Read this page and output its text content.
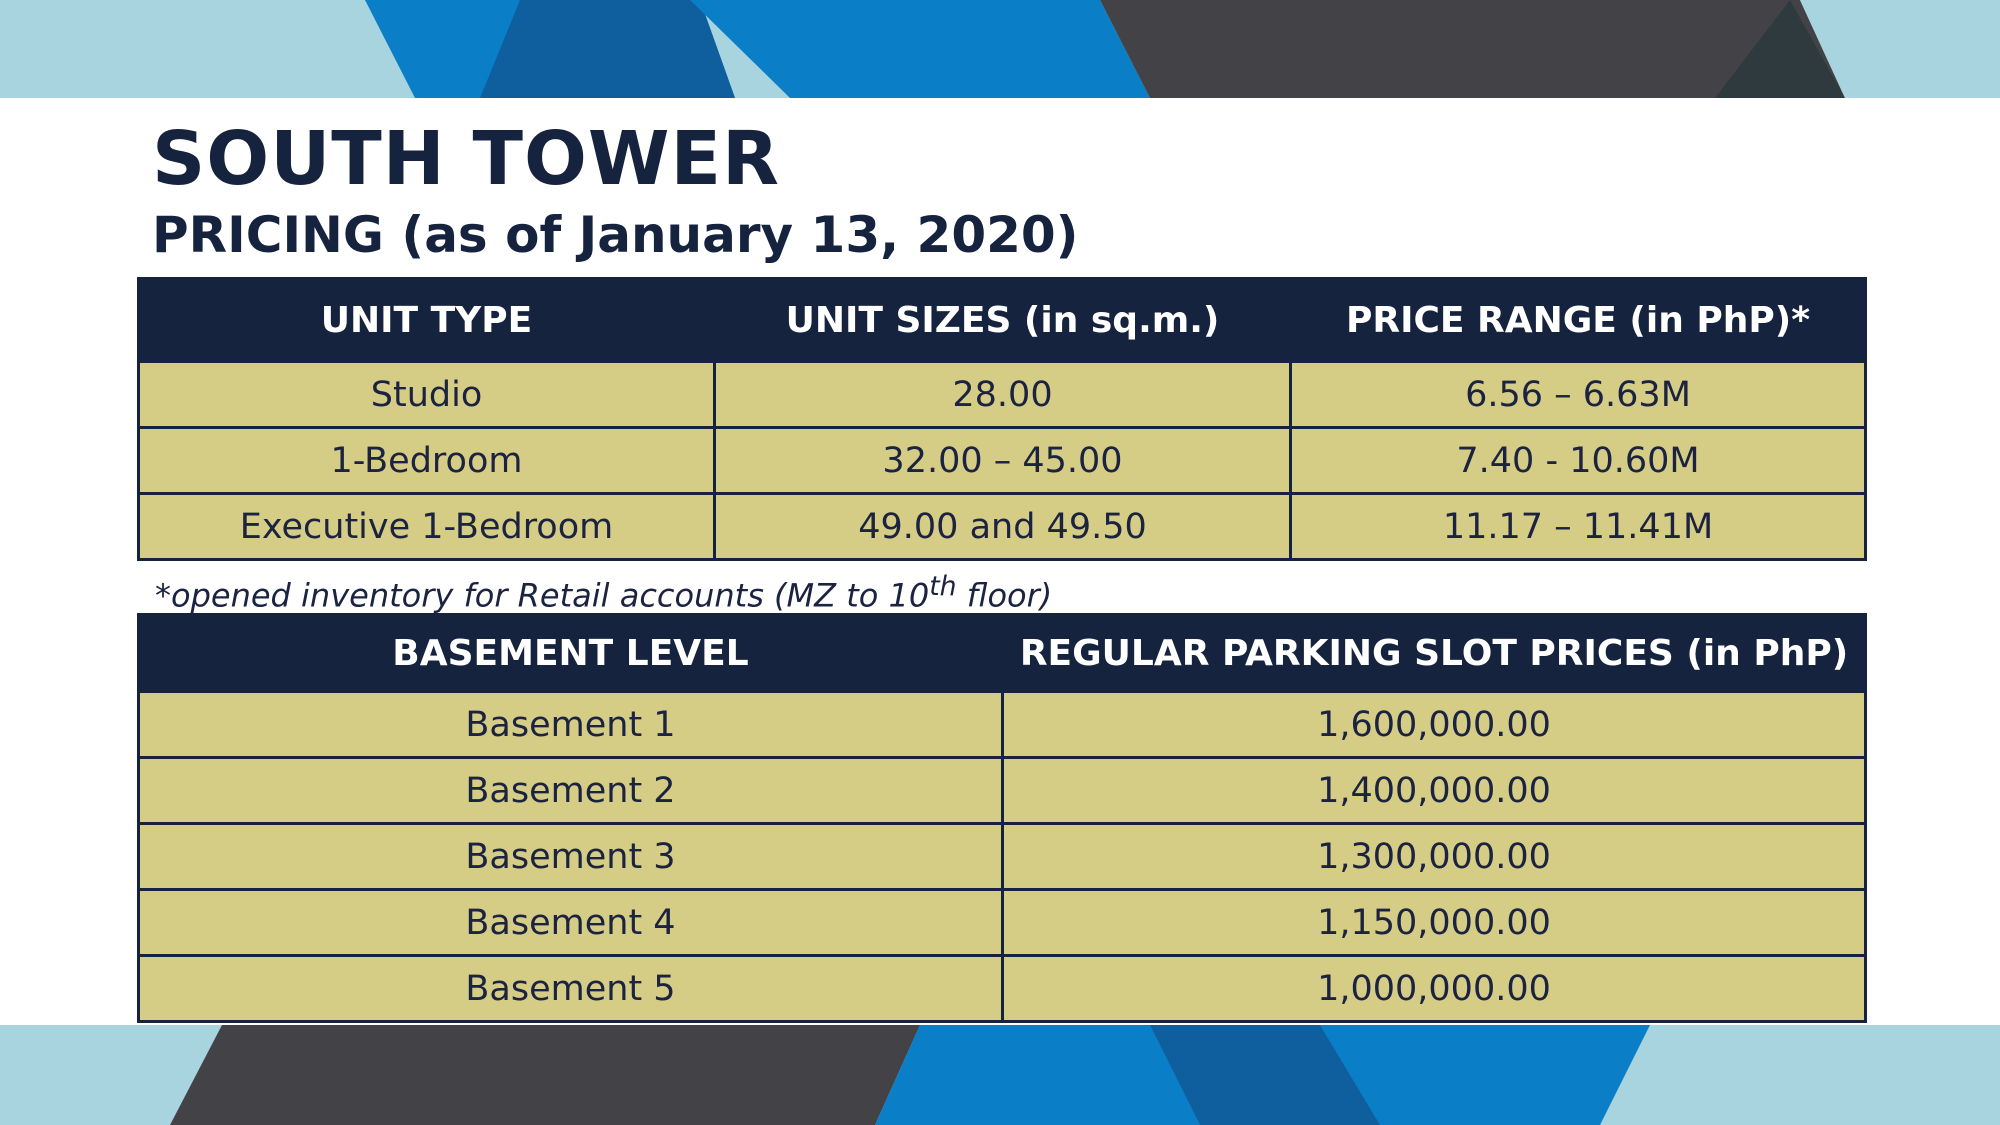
SOUTH TOWER
PRICING (as of January 13, 2020)
UNIT TYPE	UNIT SIZES (in sq.m.)	PRICE RANGE (in PhP)*
Studio	28.00	6.56 – 6.63M
1-Bedroom	32.00 – 45.00	7.40 - 10.60M
Executive 1-Bedroom	49.00 and 49.50	11.17 – 11.41M

*opened inventory for Retail accounts (MZ to 10th floor)

BASEMENT LEVEL	REGULAR PARKING SLOT PRICES (in PhP)
Basement 1	1,600,000.00
Basement 2	1,400,000.00
Basement 3	1,300,000.00
Basement 4	1,150,000.00
Basement 5	1,000,000.00
